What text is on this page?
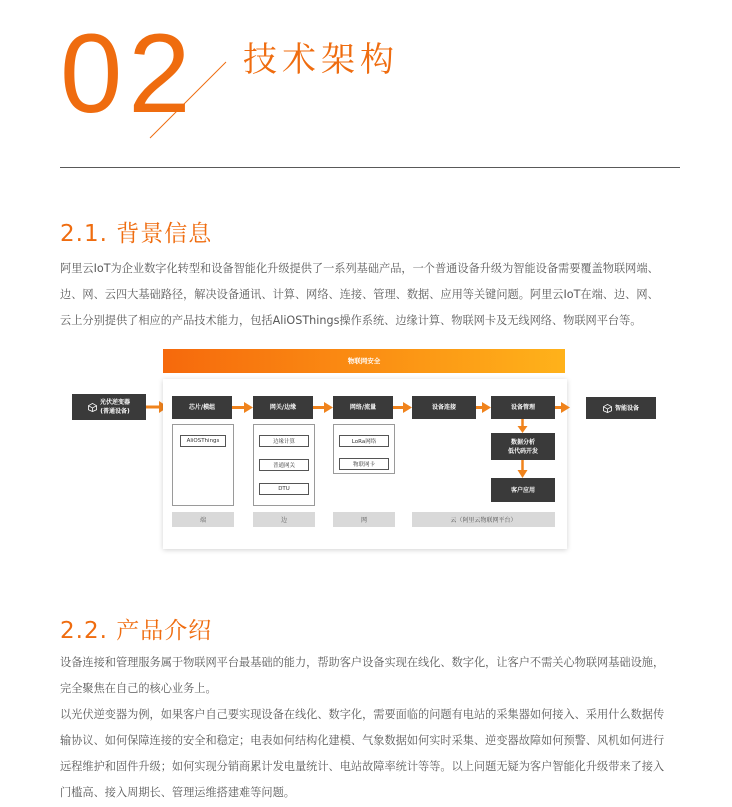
02 技术架构
2.1. 背景信息
阿里云IoT为企业数字化转型和设备智能化升级提供了一系列基础产品，一个普通设备升级为智能设备需要覆盖物联网端、
边、网、云四大基础路径，解决设备通讯、计算、网络、连接、管理、数据、应用等关键问题。阿里云IoT在端、边、网、
云上分别提供了相应的产品技术能力，包括AliOSThings操作系统、边缘计算、物联网卡及无线网络、物联网平台等。
光伏逆变器
(普通设备)	智能设备
物联网安全
芯片/模组	网关/边缘	网络/流量	设备连接	设备管理
AliOSThings	边缘计算
普通网关
DTU
LoRa网络
物联网卡
数据分析
低代码开发
客户应用
端	边	网	云（阿里云物联网平台）
2.2. 产品介绍
设备连接和管理服务属于物联网平台最基础的能力，帮助客户设备实现在线化、数字化，让客户不需关心物联网基础设施，
完全聚焦在自己的核心业务上。
以光伏逆变器为例，如果客户自己要实现设备在线化、数字化，需要面临的问题有电站的采集器如何接入、采用什么数据传
输协议、如何保障连接的安全和稳定；电表如何结构化建模、气象数据如何实时采集、逆变器故障如何预警、风机如何进行
远程维护和固件升级；如何实现分销商累计发电量统计、电站故障率统计等等。以上问题无疑为客户智能化升级带来了接入
门槛高、接入周期长、管理运维搭建难等问题。
